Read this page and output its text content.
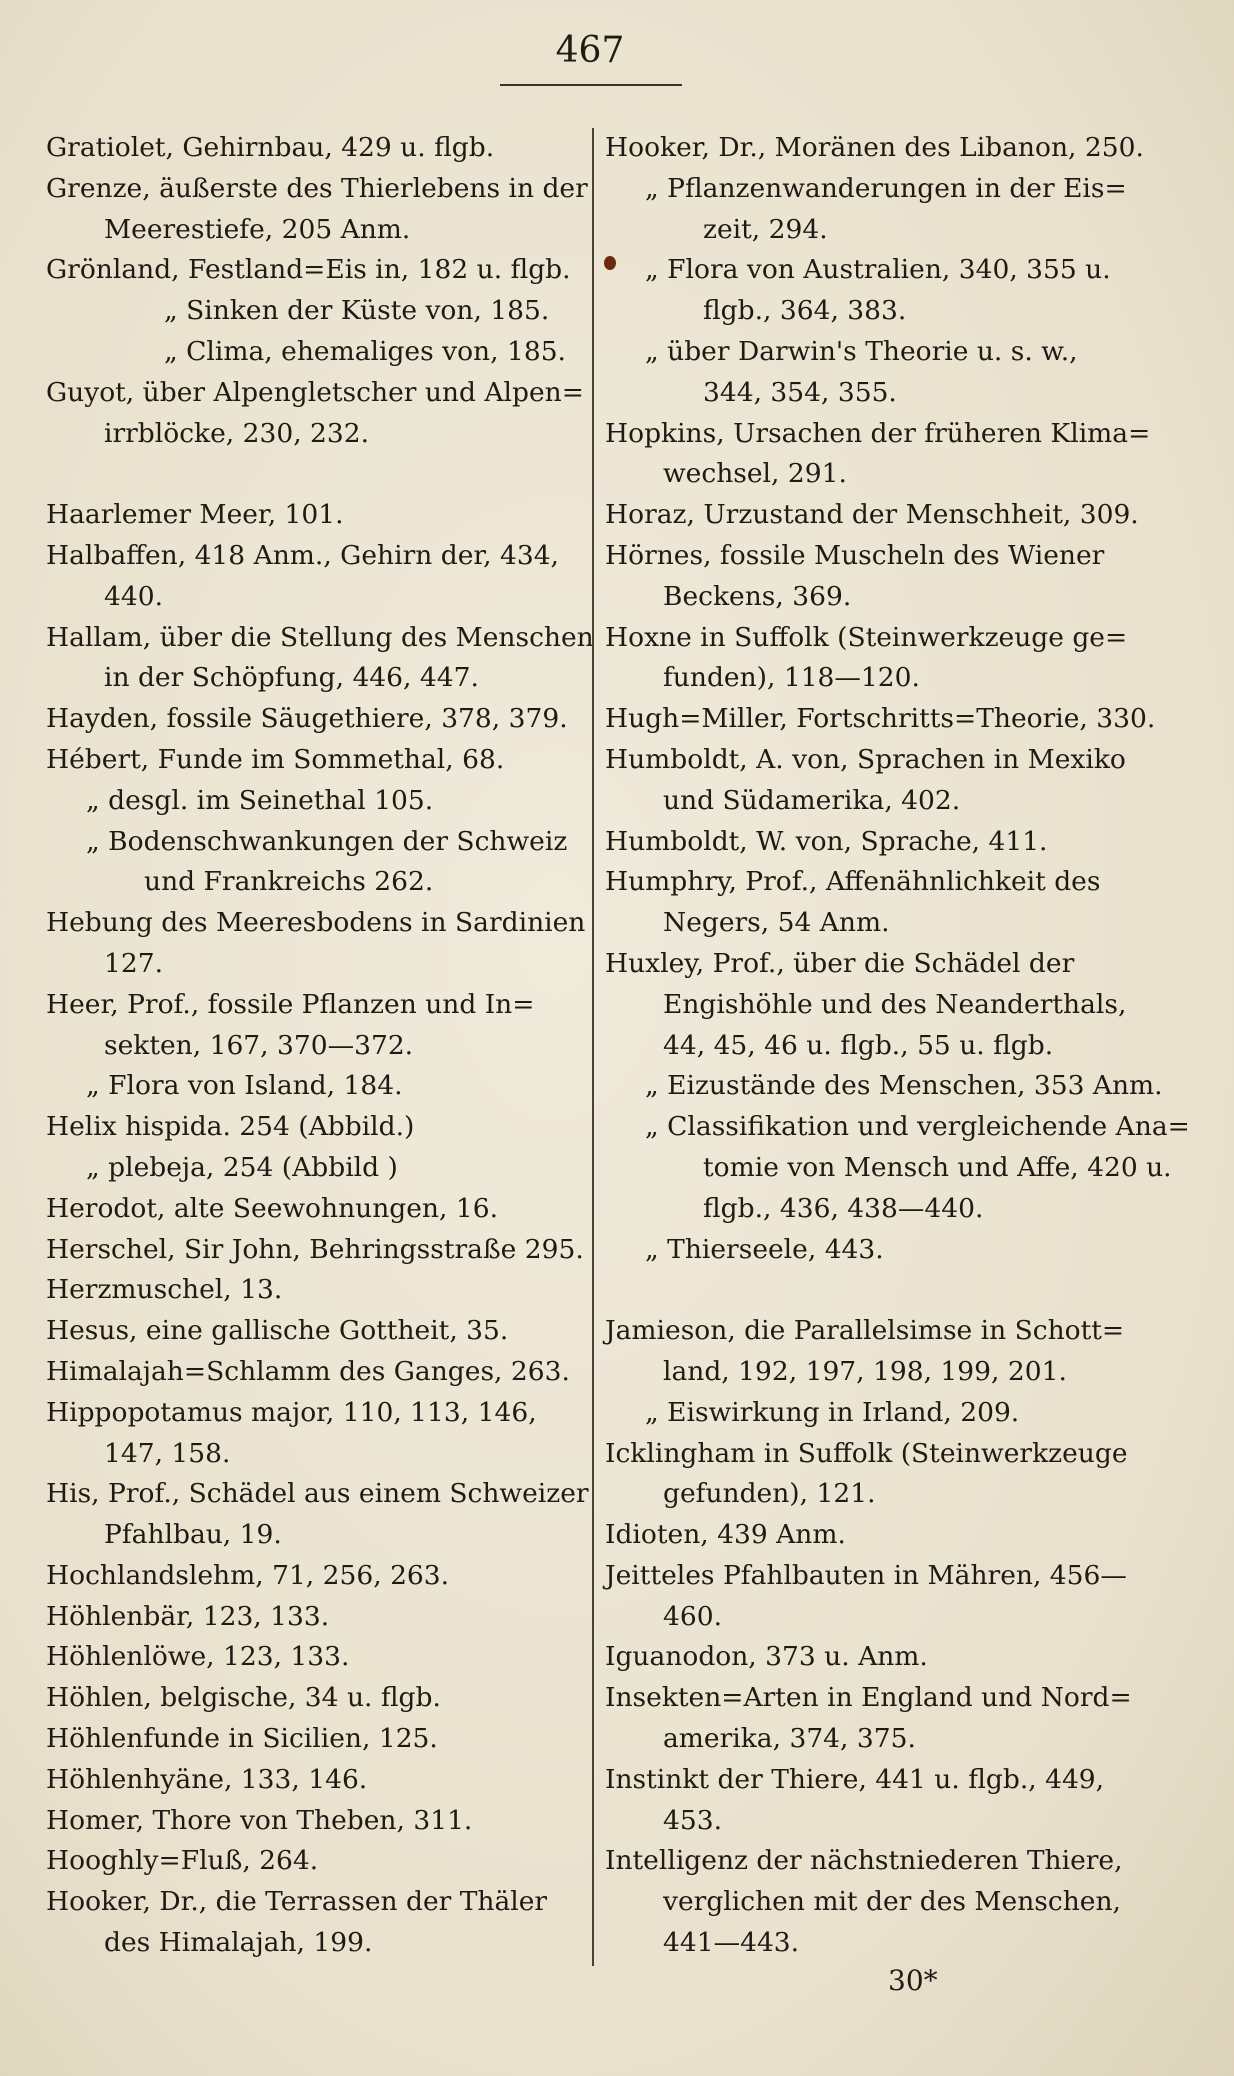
467
Gratiolet, Gehirnbau, 429 u. flgb.
Grenze, äußerste des Thierlebens in der
Meerestiefe, 205 Anm.
Grönland, Festland=Eis in, 182 u. flgb.
„ Sinken der Küste von, 185.
„ Clima, ehemaliges von, 185.
Guyot, über Alpengletscher und Alpen=
irrblöcke, 230, 232.
Haarlemer Meer, 101.
Halbaffen, 418 Anm., Gehirn der, 434,
440.
Hallam, über die Stellung des Menschen
in der Schöpfung, 446, 447.
Hayden, fossile Säugethiere, 378, 379.
Hébert, Funde im Sommethal, 68.
„ desgl. im Seinethal 105.
„ Bodenschwankungen der Schweiz
und Frankreichs 262.
Hebung des Meeresbodens in Sardinien
127.
Heer, Prof., fossile Pflanzen und In=
sekten, 167, 370—372.
„ Flora von Island, 184.
Helix hispida. 254 (Abbild.)
„ plebeja, 254 (Abbild )
Herodot, alte Seewohnungen, 16.
Herschel, Sir John, Behringsstraße 295.
Herzmuschel, 13.
Hesus, eine gallische Gottheit, 35.
Himalajah=Schlamm des Ganges, 263.
Hippopotamus major, 110, 113, 146,
147, 158.
His, Prof., Schädel aus einem Schweizer
Pfahlbau, 19.
Hochlandslehm, 71, 256, 263.
Höhlenbär, 123, 133.
Höhlenlöwe, 123, 133.
Höhlen, belgische, 34 u. flgb.
Höhlenfunde in Sicilien, 125.
Höhlenhyäne, 133, 146.
Homer, Thore von Theben, 311.
Hooghly=Fluß, 264.
Hooker, Dr., die Terrassen der Thäler
des Himalajah, 199.
Hooker, Dr., Moränen des Libanon, 250.
„ Pflanzenwanderungen in der Eis=
zeit, 294.
„ Flora von Australien, 340, 355 u.
flgb., 364, 383.
„ über Darwin's Theorie u. s. w.,
344, 354, 355.
Hopkins, Ursachen der früheren Klima=
wechsel, 291.
Horaz, Urzustand der Menschheit, 309.
Hörnes, fossile Muscheln des Wiener
Beckens, 369.
Hoxne in Suffolk (Steinwerkzeuge ge=
funden), 118—120.
Hugh=Miller, Fortschritts=Theorie, 330.
Humboldt, A. von, Sprachen in Mexiko
und Südamerika, 402.
Humboldt, W. von, Sprache, 411.
Humphry, Prof., Affenähnlichkeit des
Negers, 54 Anm.
Huxley, Prof., über die Schädel der
Engishöhle und des Neanderthals,
44, 45, 46 u. flgb., 55 u. flgb.
„ Eizustände des Menschen, 353 Anm.
„ Classifikation und vergleichende Ana=
tomie von Mensch und Affe, 420 u.
flgb., 436, 438—440.
„ Thierseele, 443.
Jamieson, die Parallelsimse in Schott=
land, 192, 197, 198, 199, 201.
„ Eiswirkung in Irland, 209.
Icklingham in Suffolk (Steinwerkzeuge
gefunden), 121.
Idioten, 439 Anm.
Jeitteles Pfahlbauten in Mähren, 456—
460.
Iguanodon, 373 u. Anm.
Insekten=Arten in England und Nord=
amerika, 374, 375.
Instinkt der Thiere, 441 u. flgb., 449,
453.
Intelligenz der nächstniederen Thiere,
verglichen mit der des Menschen,
441—443.
30*
